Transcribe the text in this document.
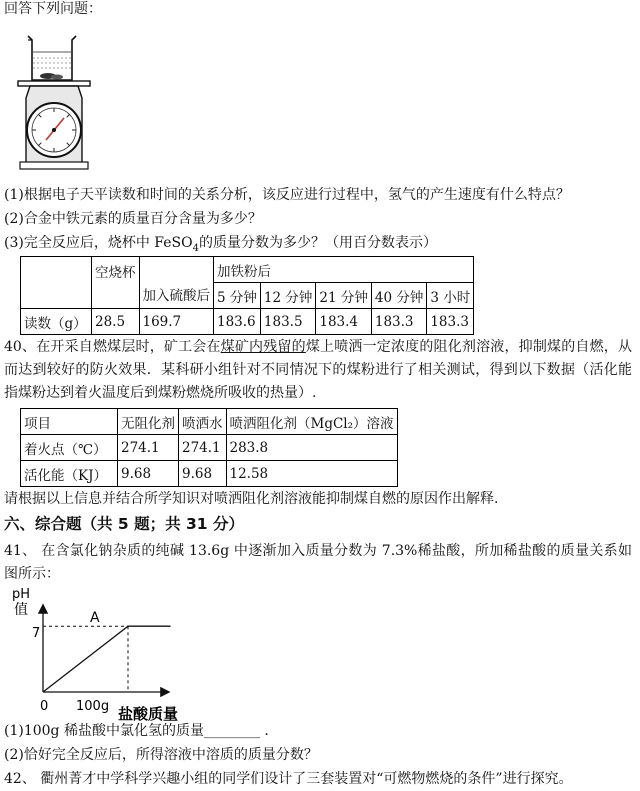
回答下列问题：
(1)根据电子天平读数和时间的关系分析，该反应进行过程中，氢气的产生速度有什么特点？
(2)合金中铁元素的质量百分含量为多少？
(3)完全反应后，烧杯中 FeSO$_4$的质量分数为多少？（用百分数表示）
	空烧杯	加入硫酸后	加铁粉后				
			5 分钟	12 分钟	21 分钟	40 分钟	3 小时
读数（g）	28.5	169.7	183.6	183.5	183.4	183.3	183.3
40、在开采自燃煤层时，矿工会在煤矿内残留的煤上喷洒一定浓度的阻化剂溶液，抑制煤的自燃，从而达到较好的防火效果．某科研小组针对不同情况下的煤粉进行了相关测试，得到以下数据（活化能指煤粉达到着火温度后到煤粉燃烧所吸收的热量）.
项目	无阻化剂	喷洒水	喷洒阻化剂（MgCl₂）溶液
着火点（℃）	274.1	274.1	283.8
活化能（KJ）	9.68	9.68	12.58
请根据以上信息并结合所学知识对喷洒阻化剂溶液能抑制煤自燃的原因作出解释.
六、综合题（共 5 题；共 31 分）
41、 在含氯化钠杂质的纯碱 13.6g 中逐渐加入质量分数为 7.3%稀盐酸，所加稀盐酸的质量关系如图所示：
pH
值
7
A
0 100g 盐酸质量
(1)100g 稀盐酸中氯化氢的质量________ .
(2)恰好完全反应后，所得溶液中溶质的质量分数？
42、 衢州菁才中学科学兴趣小组的同学们设计了三套装置对“可燃物燃烧的条件”进行探究。
